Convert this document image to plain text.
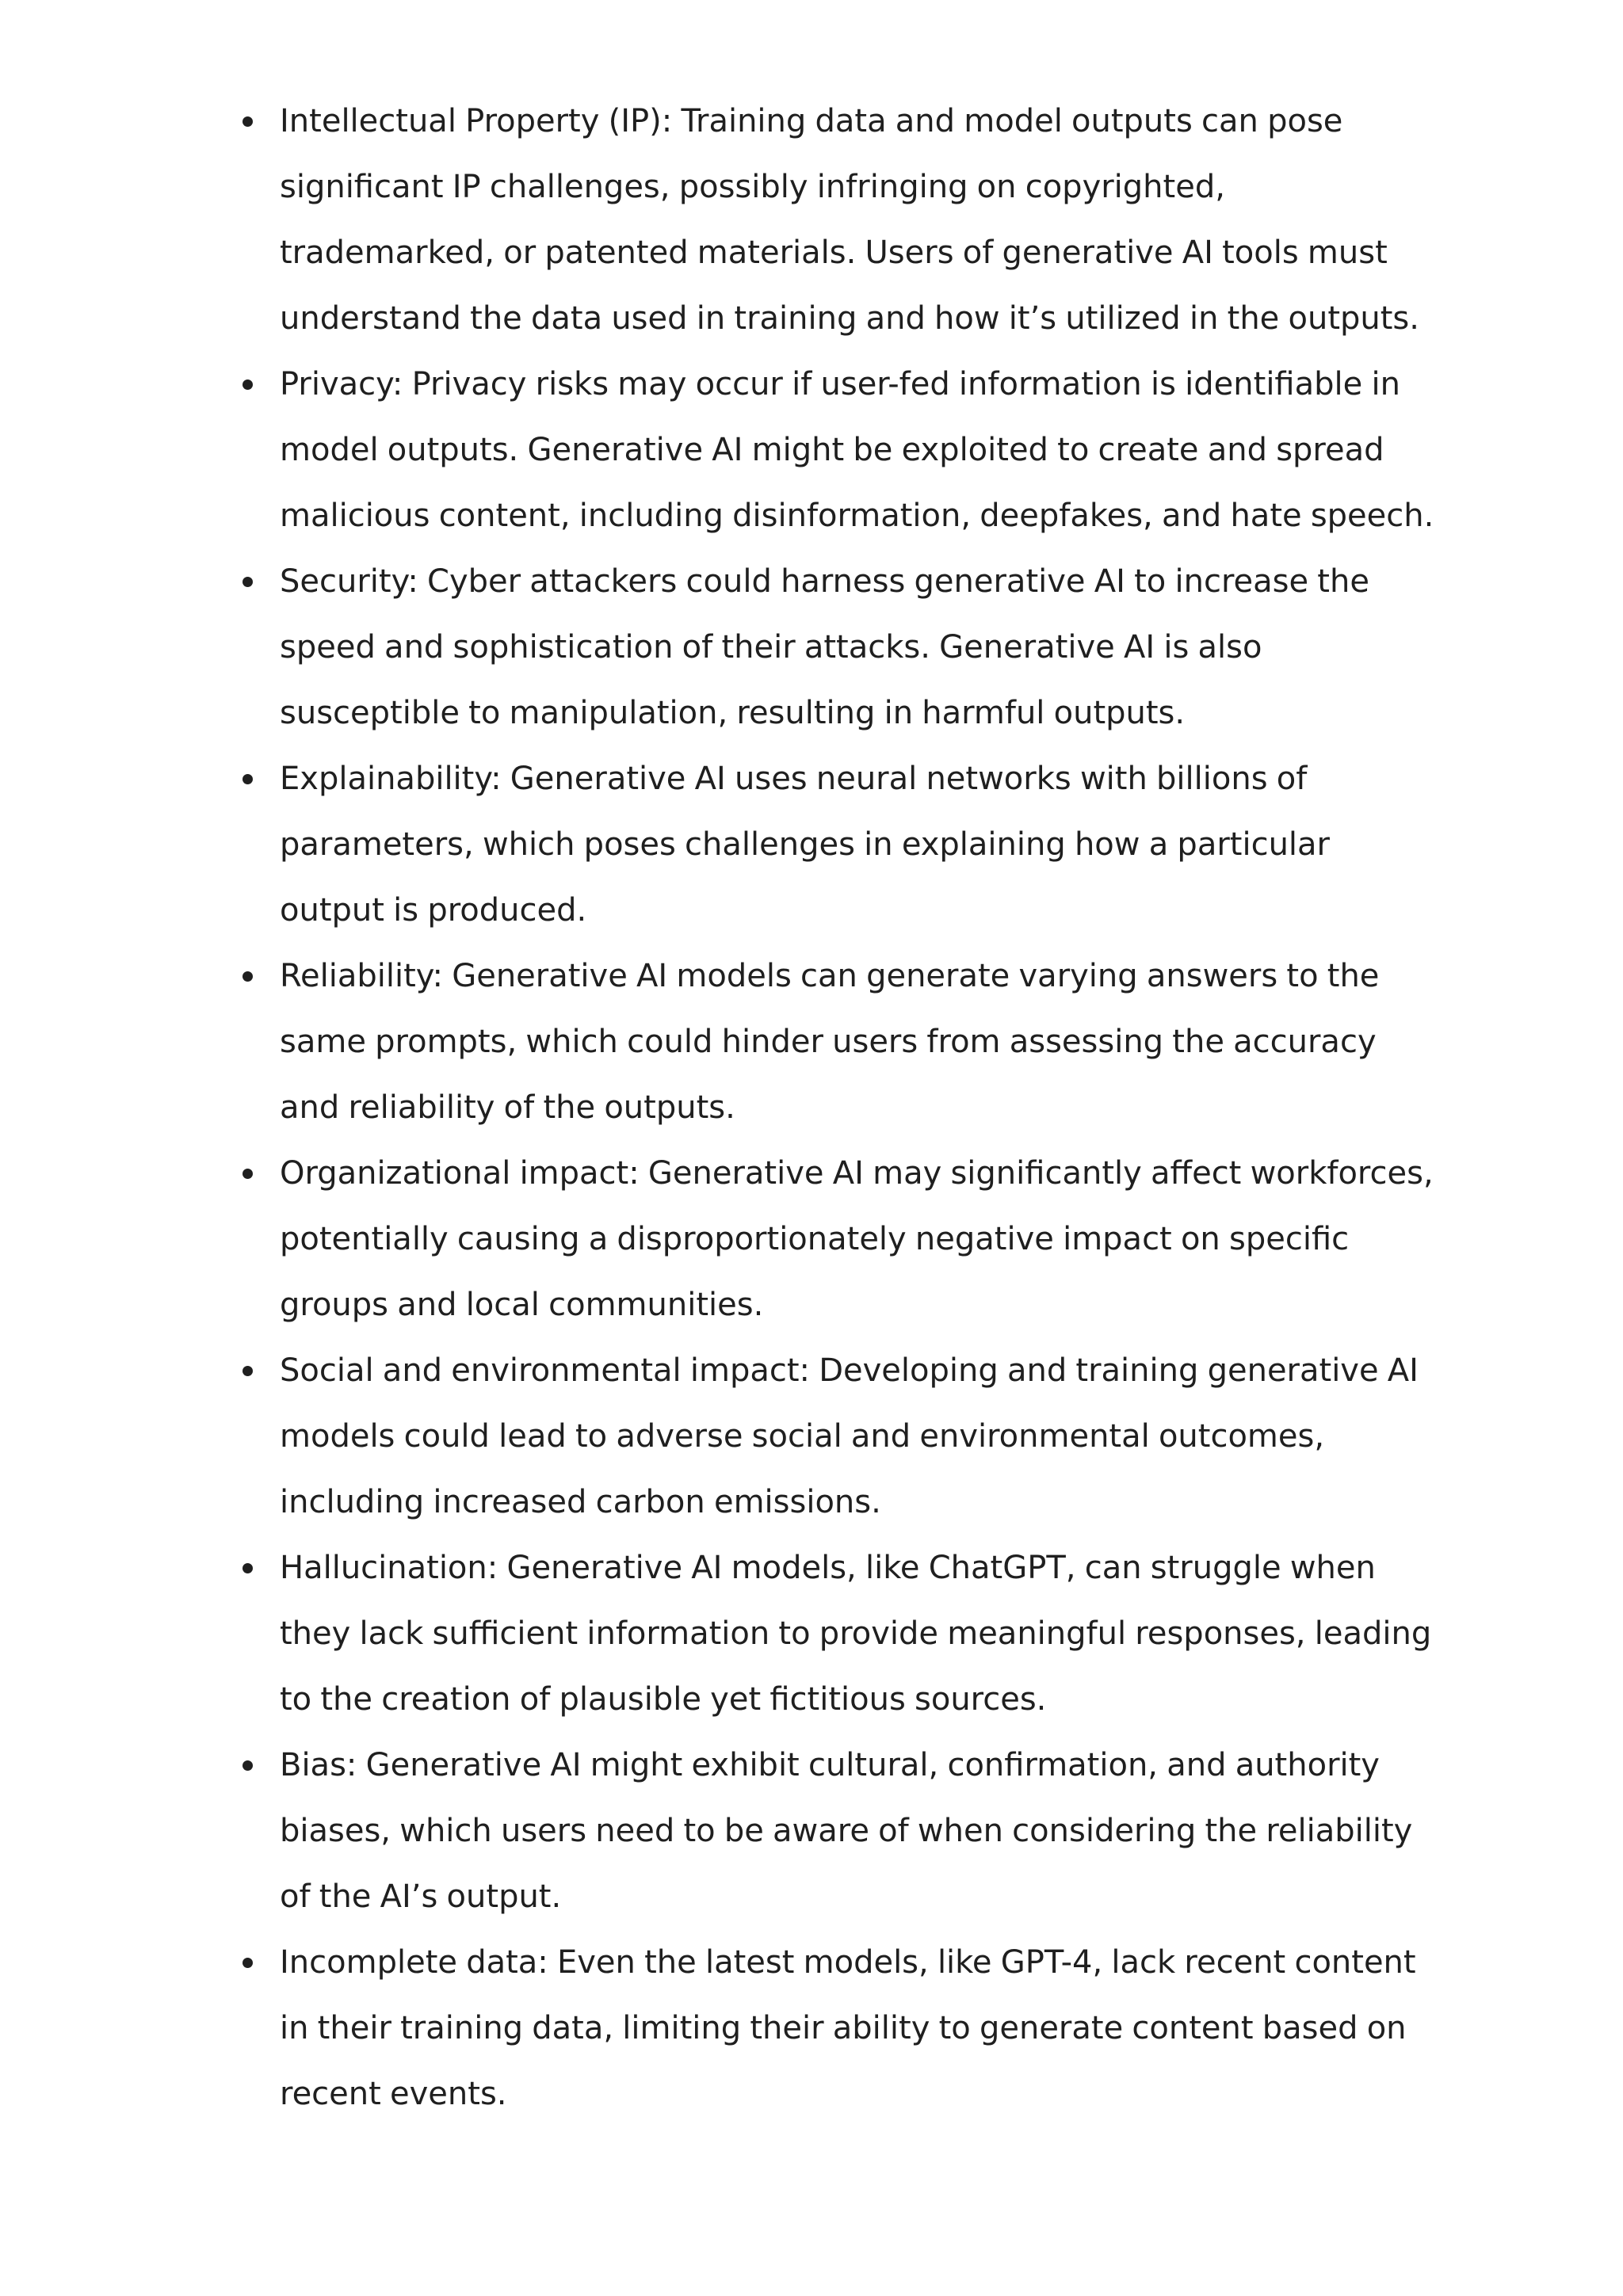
Intellectual Property (IP): Training data and model outputs can pose significant IP challenges, possibly infringing on copyrighted, trademarked, or patented materials. Users of generative AI tools must understand the data used in training and how it’s utilized in the outputs.
Privacy: Privacy risks may occur if user-fed information is identifiable in model outputs. Generative AI might be exploited to create and spread malicious content, including disinformation, deepfakes, and hate speech.
Security: Cyber attackers could harness generative AI to increase the speed and sophistication of their attacks. Generative AI is also susceptible to manipulation, resulting in harmful outputs.
Explainability: Generative AI uses neural networks with billions of parameters, which poses challenges in explaining how a particular output is produced.
Reliability: Generative AI models can generate varying answers to the same prompts, which could hinder users from assessing the accuracy and reliability of the outputs.
Organizational impact: Generative AI may significantly affect workforces, potentially causing a disproportionately negative impact on specific groups and local communities.
Social and environmental impact: Developing and training generative AI models could lead to adverse social and environmental outcomes, including increased carbon emissions.
Hallucination: Generative AI models, like ChatGPT, can struggle when they lack sufficient information to provide meaningful responses, leading to the creation of plausible yet fictitious sources.
Bias: Generative AI might exhibit cultural, confirmation, and authority biases, which users need to be aware of when considering the reliability of the AI’s output.
Incomplete data: Even the latest models, like GPT-4, lack recent content in their training data, limiting their ability to generate content based on recent events.
